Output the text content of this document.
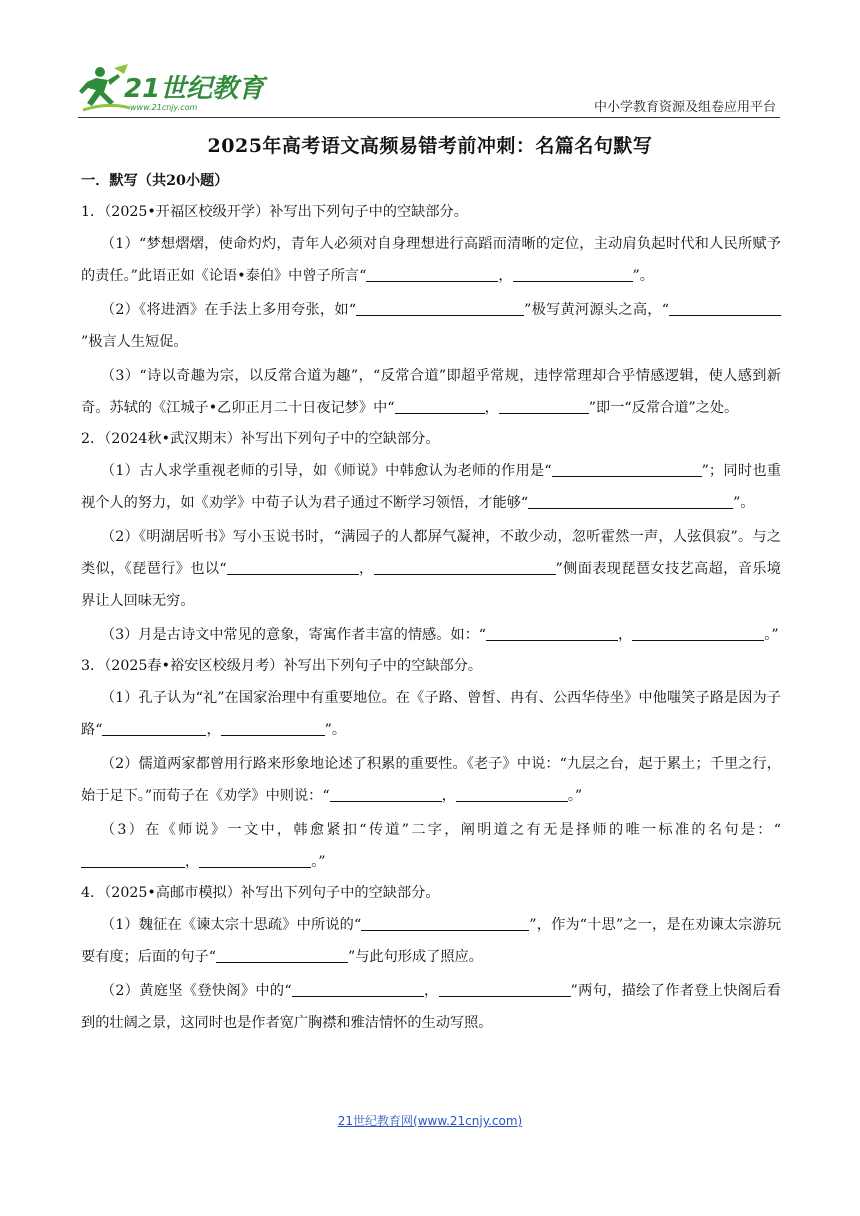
21世纪教育
www.21cnjy.com	中小学教育资源及组卷应用平台
2025年高考语文高频易错考前冲刺：名篇名句默写
一．默写（共20小题）
1．（2025•开福区校级开学）补写出下列句子中的空缺部分。
（1）“梦想熠熠，使命灼灼，青年人必须对自身理想进行高蹈而清晰的定位，主动肩负起时代和人民所赋予的责任。”此语正如《论语•泰伯》中曾子所言“	，	”。
（2）《将进酒》在手法上多用夸张，如“	”极写黄河源头之高，“”极言人生短促。
（3）“诗以奇趣为宗，以反常合道为趣”，“反常合道”即超乎常规，违悖常理却合乎情感逻辑，使人感到新奇。苏轼的《江城子•乙卯正月二十日夜记梦》中“	，	”即一“反常合道”之处。
2．（2024秋•武汉期末）补写出下列句子中的空缺部分。
（1）古人求学重视老师的引导，如《师说》中韩愈认为老师的作用是“	”；同时也重视个人的努力，如《劝学》中荀子认为君子通过不断学习领悟，才能够“	”。
（2）《明湖居听书》写小玉说书时，“满园子的人都屏气凝神，不敢少动，忽听霍然一声，人弦俱寂”。与之类似，《琵琶行》也以“	，	”侧面表现琵琶女技艺高超，音乐境界让人回味无穷。
（3）月是古诗文中常见的意象，寄寓作者丰富的情感。如：“	，	。”
3．（2025春•裕安区校级月考）补写出下列句子中的空缺部分。
（1）孔子认为“礼”在国家治理中有重要地位。在《子路、曾皙、冉有、公西华侍坐》中他嗤笑子路是因为子路“	，	”。
（2）儒道两家都曾用行路来形象地论述了积累的重要性。《老子》中说：“九层之台，起于累土；千里之行，始于足下。”而荀子在《劝学》中则说：“	，	。”
（3）在《师说》一文中，韩愈紧扣“传道”二字，阐明道之有无是择师的唯一标准的名句是：“，	。”
4．（2025•高邮市模拟）补写出下列句子中的空缺部分。
（1）魏征在《谏太宗十思疏》中所说的“	”，作为“十思”之一，是在劝谏太宗游玩要有度；后面的句子“	”与此句形成了照应。
（2）黄庭坚《登快阁》中的“	，	”两句，描绘了作者登上快阁后看到的壮阔之景，这同时也是作者宽广胸襟和雅洁情怀的生动写照。
21世纪教育网(www.21cnjy.com)
